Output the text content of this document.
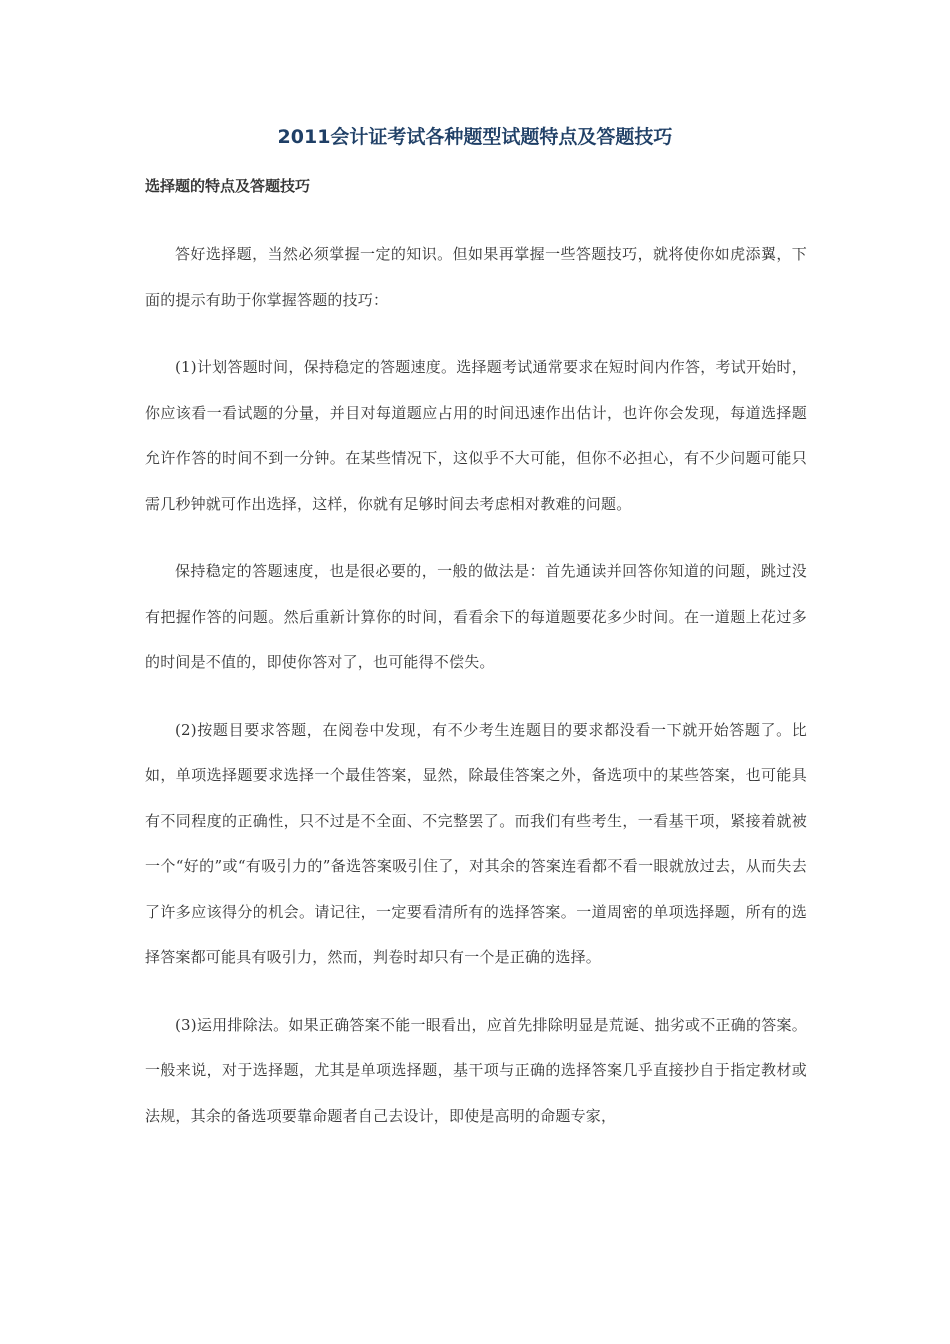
2011会计证考试各种题型试题特点及答题技巧
选择题的特点及答题技巧

答好选择题，当然必须掌握一定的知识。但如果再掌握一些答题技巧，就将使你如虎添翼，下面的提示有助于你掌握答题的技巧：

(1)计划答题时间，保持稳定的答题速度。选择题考试通常要求在短时间内作答，考试开始时，你应该看一看试题的分量，并目对每道题应占用的时间迅速作出估计，也许你会发现，每道选择题允许作答的时间不到一分钟。在某些情况下，这似乎不大可能，但你不必担心，有不少问题可能只需几秒钟就可作出选择，这样，你就有足够时间去考虑相对教难的问题。

保持稳定的答题速度，也是很必要的，一般的做法是：首先通读并回答你知道的问题，跳过没有把握作答的问题。然后重新计算你的时间，看看余下的每道题要花多少时间。在一道题上花过多的时间是不值的，即使你答对了，也可能得不偿失。

(2)按题目要求答题，在阅卷中发现，有不少考生连题目的要求都没看一下就开始答题了。比如，单项选择题要求选择一个最佳答案，显然，除最佳答案之外，备选项中的某些答案，也可能具有不同程度的正确性，只不过是不全面、不完整罢了。而我们有些考生，一看基干项，紧接着就被一个“好的”或“有吸引力的”备选答案吸引住了，对其余的答案连看都不看一眼就放过去，从而失去了许多应该得分的机会。请记往，一定要看清所有的选择答案。一道周密的单项选择题，所有的选择答案都可能具有吸引力，然而，判卷时却只有一个是正确的选择。

(3)运用排除法。如果正确答案不能一眼看出，应首先排除明显是荒诞、拙劣或不正确的答案。一般来说，对于选择题，尤其是单项选择题，基干项与正确的选择答案几乎直接抄自于指定教材或法规，其余的备选项要靠命题者自己去设计，即使是高明的命题专家，
